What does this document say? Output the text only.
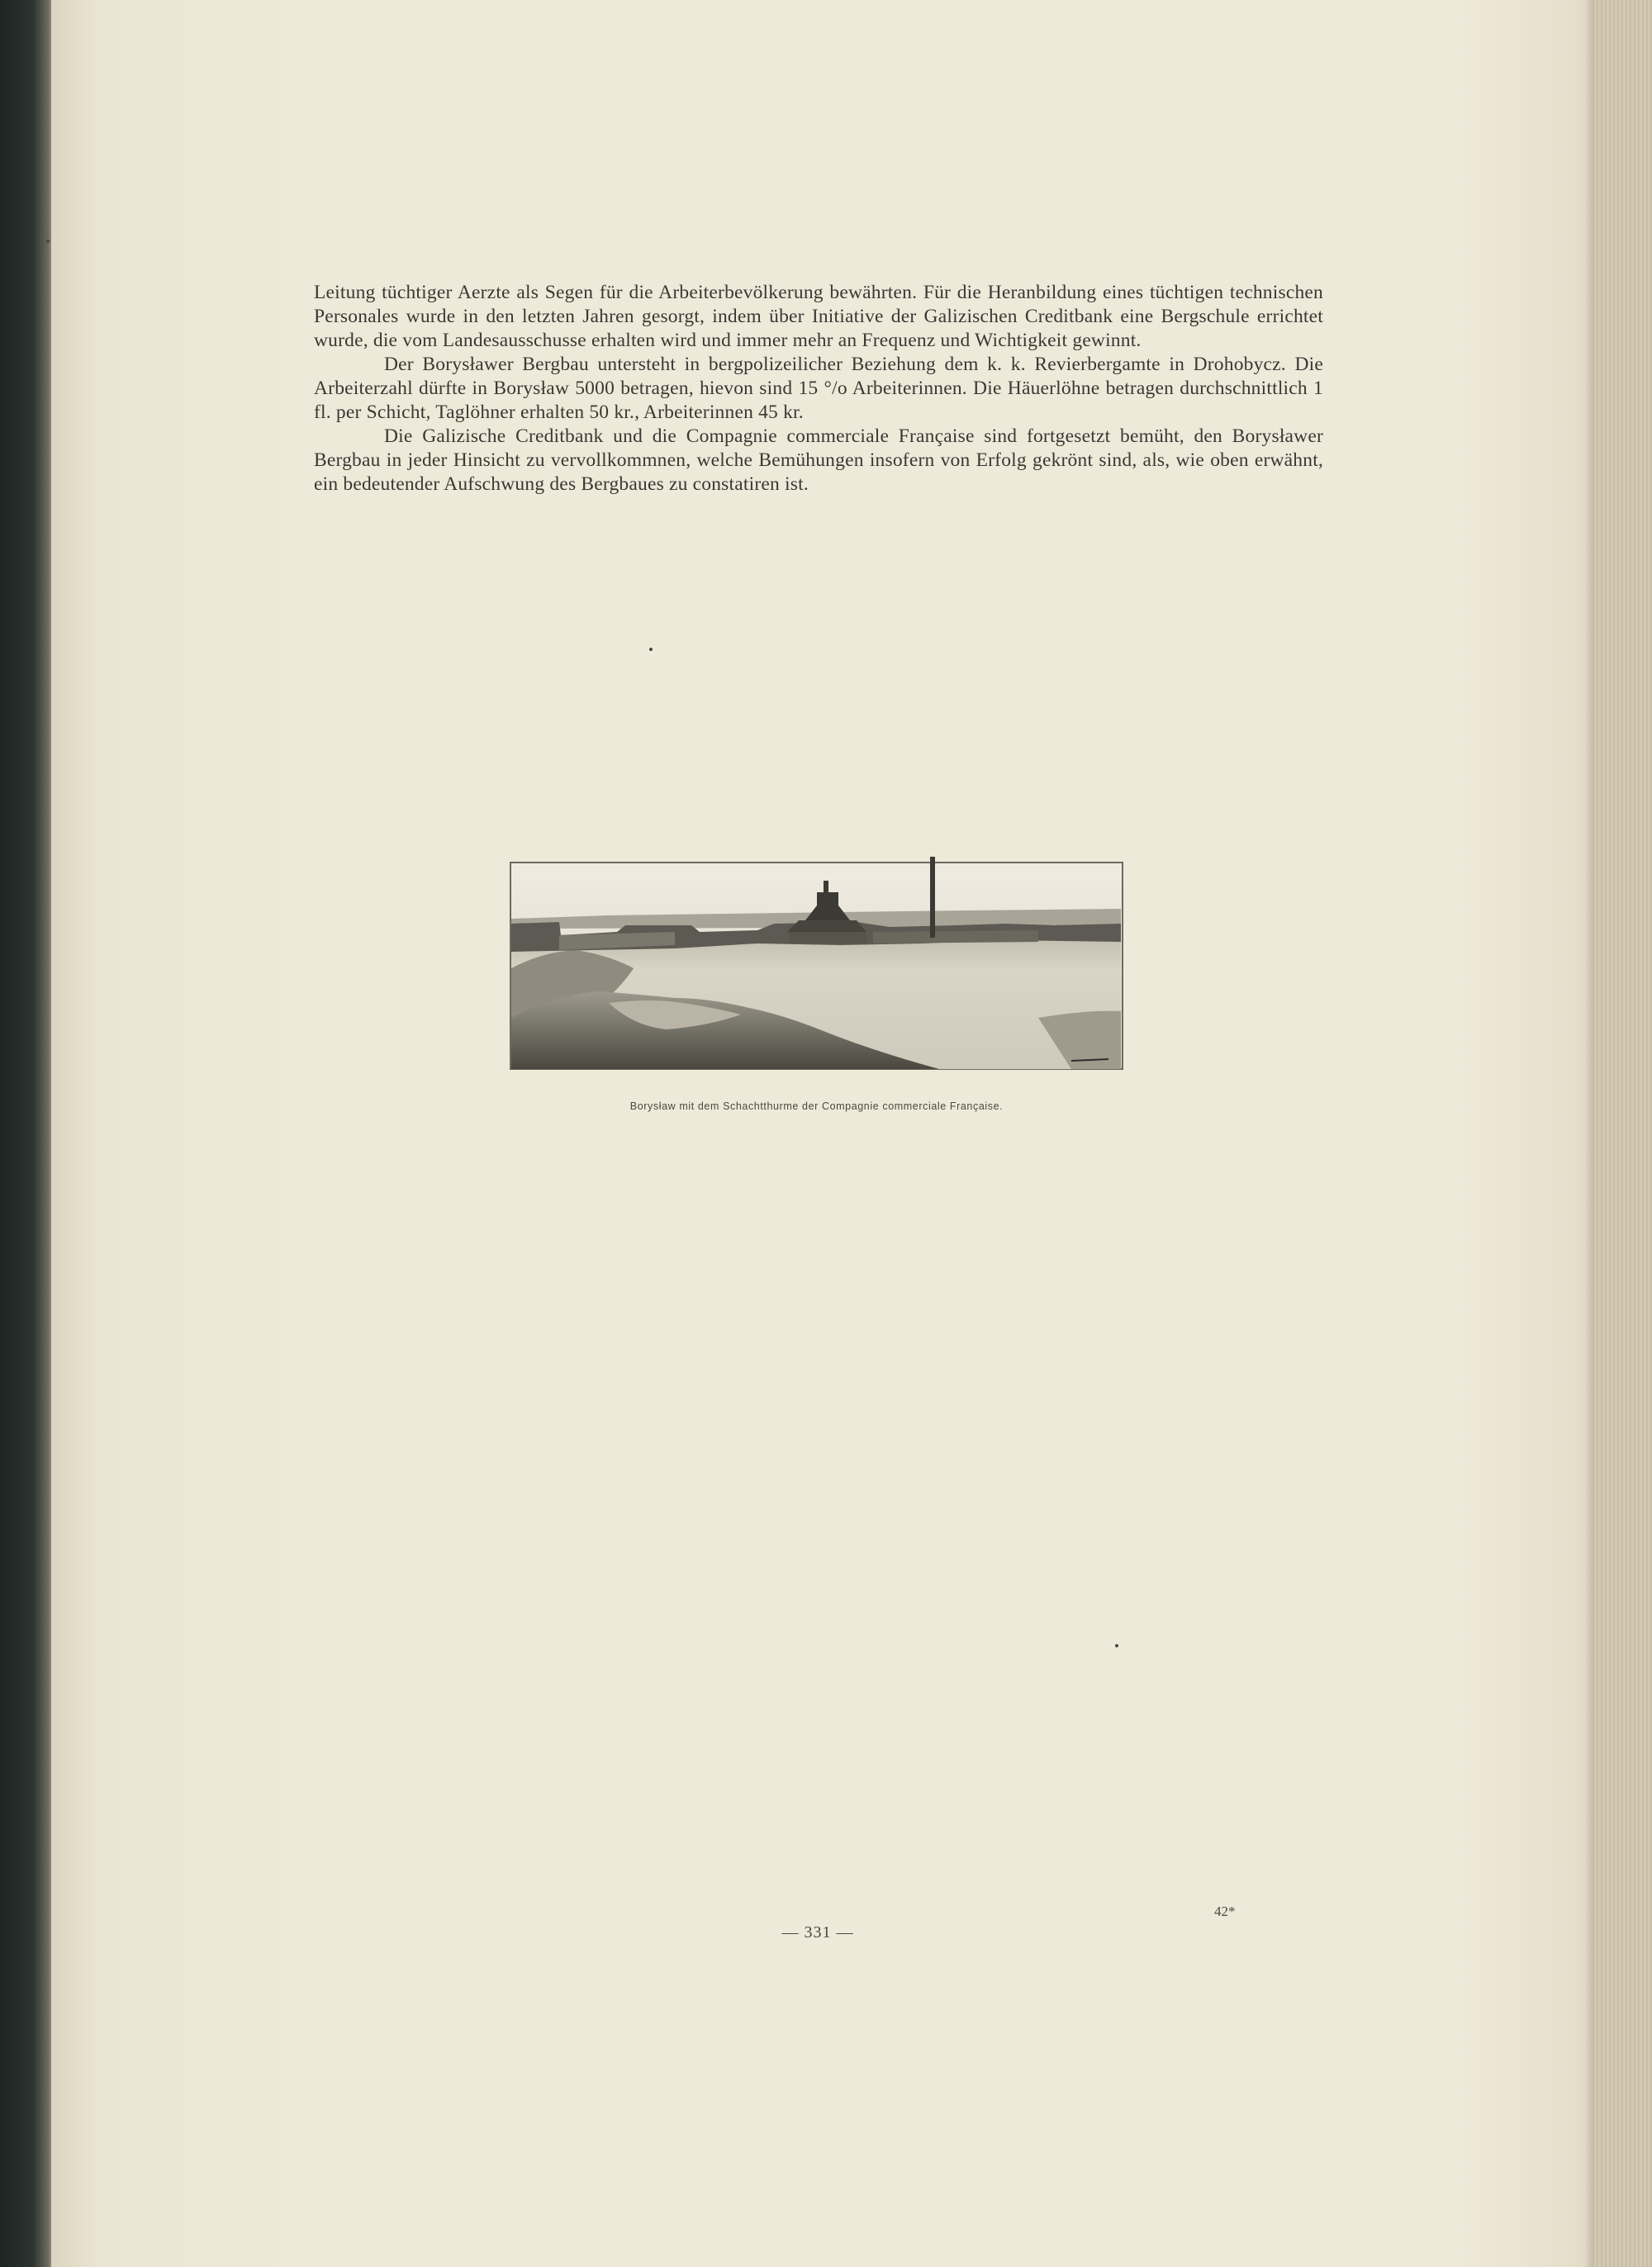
Leitung tüchtiger Aerzte als Segen für die Arbeiterbevölkerung bewährten. Für die Heranbildung eines tüchtigen technischen Personales wurde in den letzten Jahren gesorgt, indem über Initiative der Galizischen Creditbank eine Bergschule errichtet wurde, die vom Landesausschusse erhalten wird und immer mehr an Frequenz und Wichtigkeit gewinnt.

Der Borysławer Bergbau untersteht in bergpolizeilicher Beziehung dem k. k. Revierbergamte in Drohobycz. Die Arbeiterzahl dürfte in Borysław 5000 betragen, hievon sind 15 °/o Arbeiterinnen. Die Häuerlöhne betragen durchschnittlich 1 fl. per Schicht, Taglöhner erhalten 50 kr., Arbeiterinnen 45 kr.

Die Galizische Creditbank und die Compagnie commerciale Française sind fortgesetzt bemüht, den Borysławer Bergbau in jeder Hinsicht zu vervollkommnen, welche Bemühungen insofern von Erfolg gekrönt sind, als, wie oben erwähnt, ein bedeutender Aufschwung des Bergbaues zu constatiren ist.

Borysław mit dem Schachtthurme der Compagnie commerciale Française.
— 331 —
42*
